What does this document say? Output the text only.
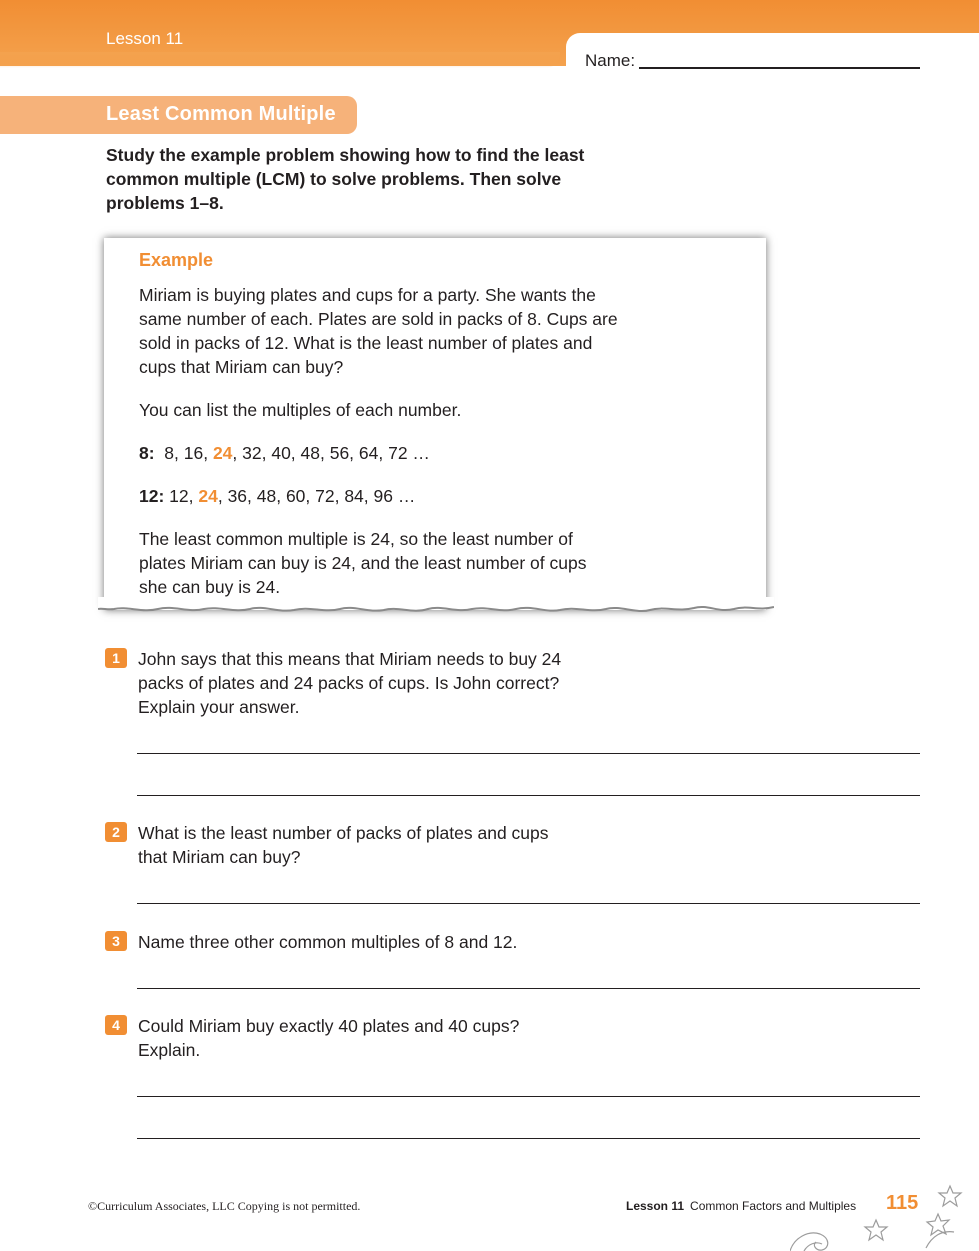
Lesson 11
Name:
Least Common Multiple
Study the example problem showing how to find the least common multiple (LCM) to solve problems. Then solve problems 1–8.
Example
Miriam is buying plates and cups for a party. She wants the same number of each. Plates are sold in packs of 8. Cups are sold in packs of 12. What is the least number of plates and cups that Miriam can buy?
You can list the multiples of each number.
8: 8, 16, 24, 32, 40, 48, 56, 64, 72 …
12: 12, 24, 36, 48, 60, 72, 84, 96 …
The least common multiple is 24, so the least number of plates Miriam can buy is 24, and the least number of cups she can buy is 24.
1	John says that this means that Miriam needs to buy 24 packs of plates and 24 packs of cups. Is John correct? Explain your answer.
2	What is the least number of packs of plates and cups that Miriam can buy?
3	Name three other common multiples of 8 and 12.
4	Could Miriam buy exactly 40 plates and 40 cups? Explain.
©Curriculum Associates, LLC Copying is not permitted.	Lesson 11 Common Factors and Multiples 115
